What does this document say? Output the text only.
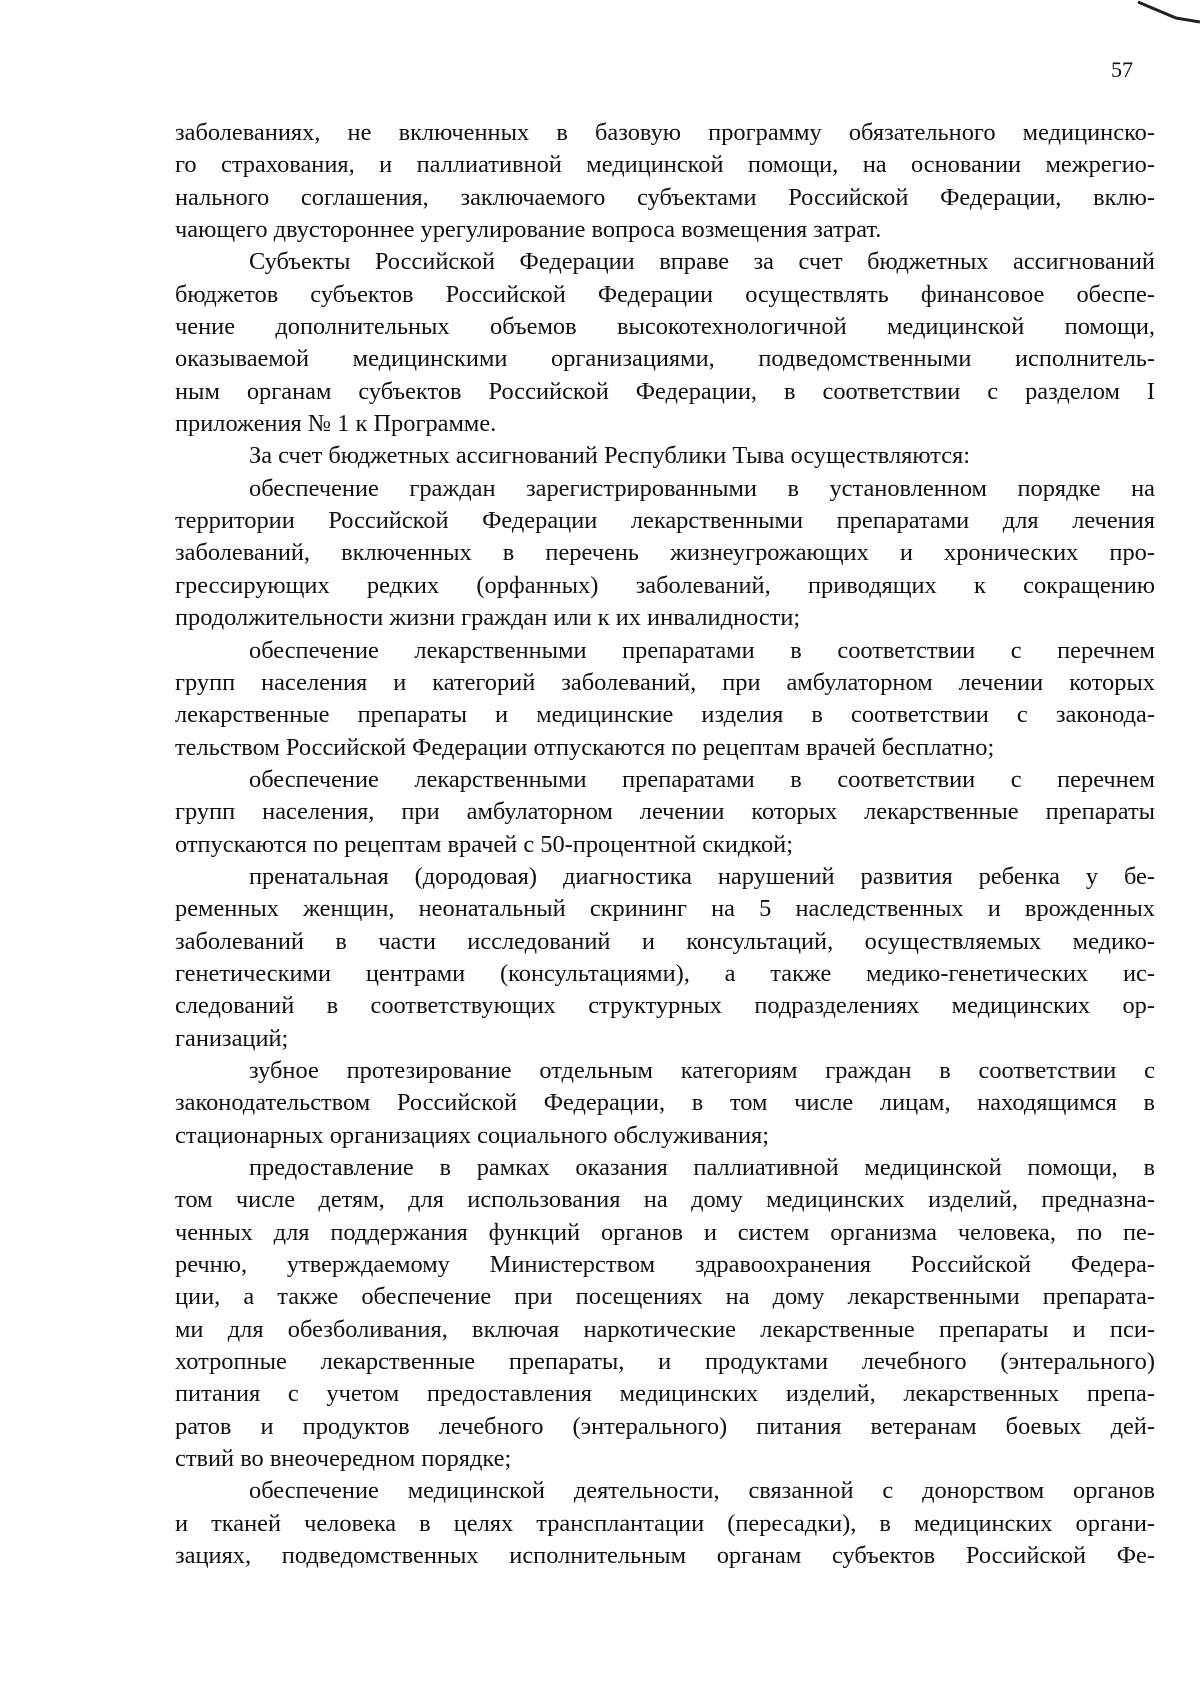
57
заболеваниях, не включенных в базовую программу обязательного медицинско-
го страхования, и паллиативной медицинской помощи, на основании межрегио-
нального соглашения, заключаемого субъектами Российской Федерации, вклю-
чающего двустороннее урегулирование вопроса возмещения затрат.
Субъекты Российской Федерации вправе за счет бюджетных ассигнований
бюджетов субъектов Российской Федерации осуществлять финансовое обеспе-
чение дополнительных объемов высокотехнологичной медицинской помощи,
оказываемой медицинскими организациями, подведомственными исполнитель-
ным органам субъектов Российской Федерации, в соответствии с разделом I
приложения № 1 к Программе.
За счет бюджетных ассигнований Республики Тыва осуществляются:
обеспечение граждан зарегистрированными в установленном порядке на
территории Российской Федерации лекарственными препаратами для лечения
заболеваний, включенных в перечень жизнеугрожающих и хронических про-
грессирующих редких (орфанных) заболеваний, приводящих к сокращению
продолжительности жизни граждан или к их инвалидности;
обеспечение лекарственными препаратами в соответствии с перечнем
групп населения и категорий заболеваний, при амбулаторном лечении которых
лекарственные препараты и медицинские изделия в соответствии с законода-
тельством Российской Федерации отпускаются по рецептам врачей бесплатно;
обеспечение лекарственными препаратами в соответствии с перечнем
групп населения, при амбулаторном лечении которых лекарственные препараты
отпускаются по рецептам врачей с 50-процентной скидкой;
пренатальная (дородовая) диагностика нарушений развития ребенка у бе-
ременных женщин, неонатальный скрининг на 5 наследственных и врожденных
заболеваний в части исследований и консультаций, осуществляемых медико-
генетическими центрами (консультациями), а также медико-генетических ис-
следований в соответствующих структурных подразделениях медицинских ор-
ганизаций;
зубное протезирование отдельным категориям граждан в соответствии с
законодательством Российской Федерации, в том числе лицам, находящимся в
стационарных организациях социального обслуживания;
предоставление в рамках оказания паллиативной медицинской помощи, в
том числе детям, для использования на дому медицинских изделий, предназна-
ченных для поддержания функций органов и систем организма человека, по пе-
речню, утверждаемому Министерством здравоохранения Российской Федера-
ции, а также обеспечение при посещениях на дому лекарственными препарата-
ми для обезболивания, включая наркотические лекарственные препараты и пси-
хотропные лекарственные препараты, и продуктами лечебного (энтерального)
питания с учетом предоставления медицинских изделий, лекарственных препа-
ратов и продуктов лечебного (энтерального) питания ветеранам боевых дей-
ствий во внеочередном порядке;
обеспечение медицинской деятельности, связанной с донорством органов
и тканей человека в целях трансплантации (пересадки), в медицинских органи-
зациях, подведомственных исполнительным органам субъектов Российской Фе-
